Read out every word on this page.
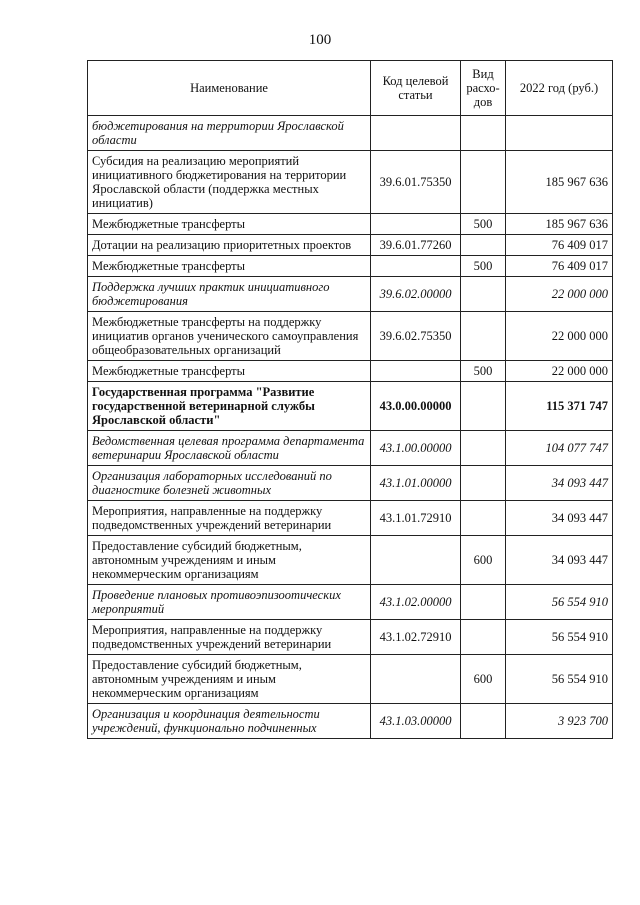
100
Наименование	Код целевой статьи	Вид расхо-дов	2022 год (руб.)
бюджетирования на территории Ярославской области			
Субсидия на реализацию мероприятий инициативного бюджетирования на территории Ярославской области (поддержка местных инициатив)	39.6.01.75350		185 967 636
Межбюджетные трансферты		500	185 967 636
Дотации на реализацию приоритетных проектов	39.6.01.77260		76 409 017
Межбюджетные трансферты		500	76 409 017
Поддержка лучших практик инициативного бюджетирования	39.6.02.00000		22 000 000
Межбюджетные трансферты на поддержку инициатив органов ученического самоуправления общеобразовательных организаций	39.6.02.75350		22 000 000
Межбюджетные трансферты		500	22 000 000
Государственная программа "Развитие государственной ветеринарной службы Ярославской области"	43.0.00.00000		115 371 747
Ведомственная целевая программа департамента ветеринарии Ярославской области	43.1.00.00000		104 077 747
Организация лабораторных исследований по диагностике болезней животных	43.1.01.00000		34 093 447
Мероприятия, направленные на поддержку подведомственных учреждений ветеринарии	43.1.01.72910		34 093 447
Предоставление субсидий бюджетным, автономным учреждениям и иным некоммерческим организациям		600	34 093 447
Проведение плановых противоэпизоотических мероприятий	43.1.02.00000		56 554 910
Мероприятия, направленные на поддержку подведомственных учреждений ветеринарии	43.1.02.72910		56 554 910
Предоставление субсидий бюджетным, автономным учреждениям и иным некоммерческим организациям		600	56 554 910
Организация и координация деятельности учреждений, функционально подчиненных	43.1.03.00000		3 923 700
